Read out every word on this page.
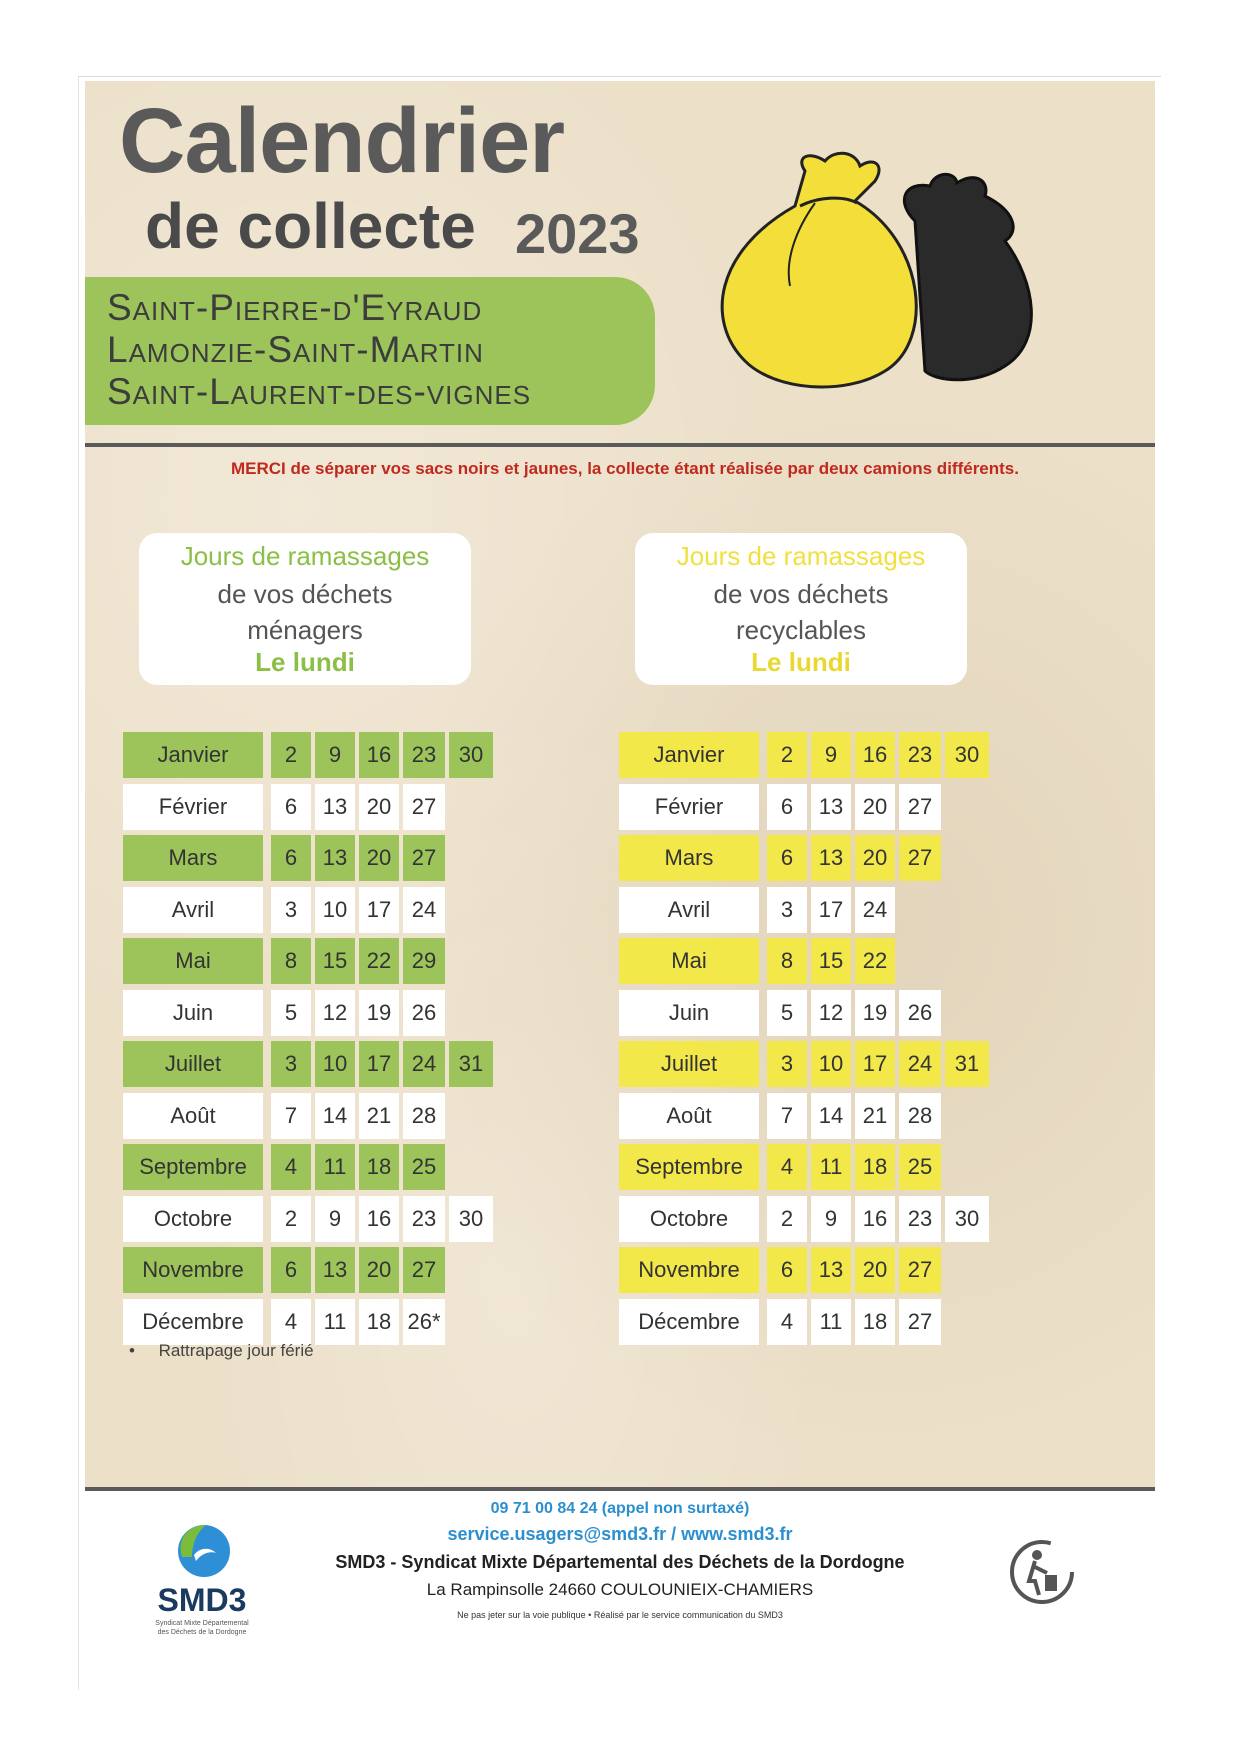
Calendrier
de collecte 2023
Saint-Pierre-d'Eyraud
Lamonzie-Saint-Martin
Saint-Laurent-des-vignes
MERCI de séparer vos sacs noirs et jaunes, la collecte étant réalisée par deux camions différents.
Jours de ramassages
de vos déchets
ménagers
Le lundi
Jours de ramassages
de vos déchets
recyclables
Le lundi
Janvier	2	9	16 23	30
Février	6	13 20 27
Mars	6	13 20 27
Avril	3	10 17 24
Mai	8	15 22 29
Juin	5	12 19 26
Juillet	3	10 17 24	31
Août	7	14 21 28
Septembre	4	11 18 25
Octobre	2	9	16 23	30
Novembre	6	13 20 27
Décembre	4	11 18 26*
Janvier	2	9	16 23	30
Février	6	13 20 27
Mars	6	13 20 27
Avril	3	17 24
Mai	8	15 22
Juin	5	12 19 26
Juillet	3	10 17 24	31
Août	7	14 21 28
Septembre	4	11 18 25
Octobre	2	9	16 23	30
Novembre	6	13 20 27
Décembre	4	11 18 27
• Rattrapage jour férié
SMD3
Syndicat Mixte Départemental
des Déchets de la Dordogne
09 71 00 84 24 (appel non surtaxé)
service.usagers@smd3.fr / www.smd3.fr
SMD3 - Syndicat Mixte Départemental des Déchets de la Dordogne
La Rampinsolle 24660 COULOUNIEIX-CHAMIERS
Ne pas jeter sur la voie publique • Réalisé par le service communication du SMD3
